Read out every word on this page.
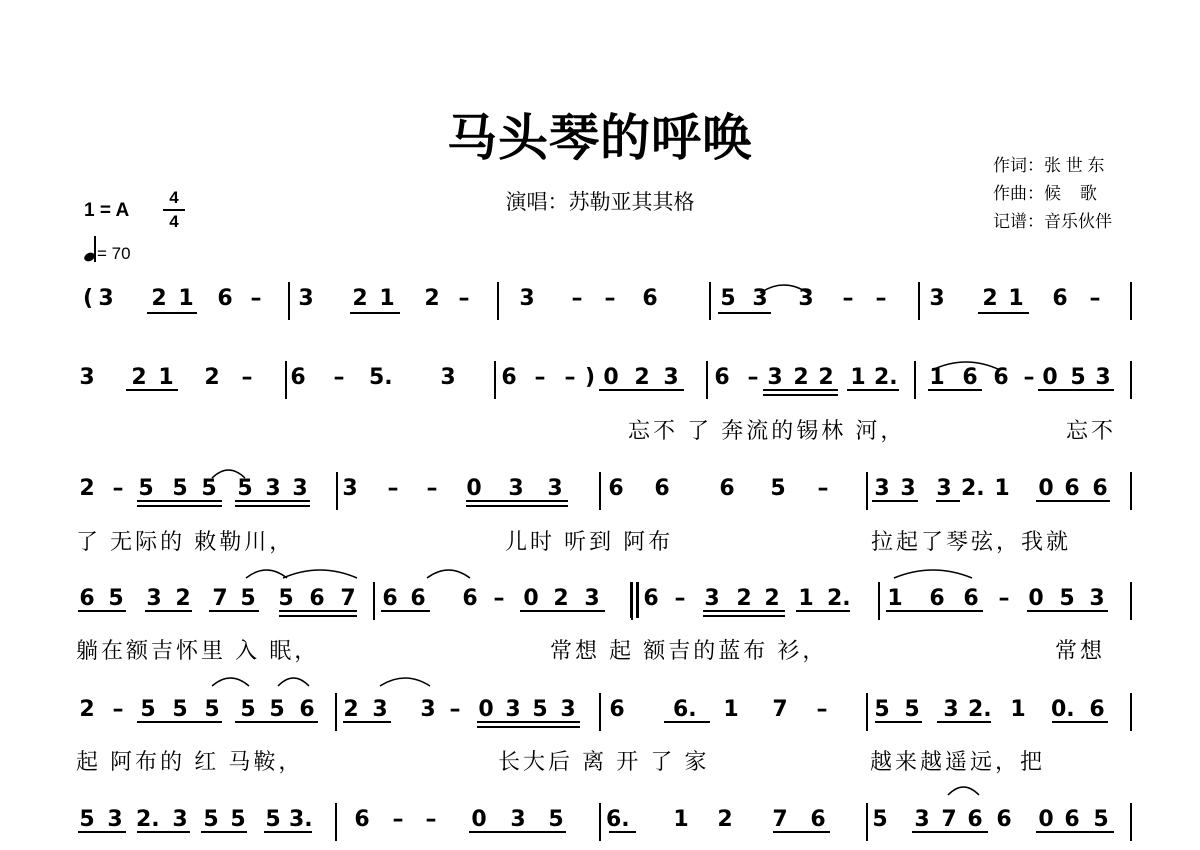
马头琴的呼唤
演唱：苏勒亚其其格
作词：张 世 东
作曲：候    歌
记谱：音乐伙伴
1 = A
4
4
= 70
( 3 2 1 6 – 3 2 1 2 – 3 – – 6	5 3 3 – – 3 2 1 6 –
3 2 1 2 – 6 – 5. 3 6 – – ) 0 2 3 6 – 3 2 2 1 2. 1 6 6 – 0 5 3
忘不 了 奔流的锡林 河，	忘不
2 – 5 5 5 5 3 3 3 – – 0 3 3 6 6 6 5 – 3 3 3 2. 1 0 6 6
了 无际的 敕勒川，	儿时 听到 阿布	拉起了琴弦，我就
6 5 3 2 7 5 5 6 7 6 6 6 – 0 2 3 6 – 3 2 2 1 2. 1 6 6 – 0 5 3
躺在额吉怀里 入 眠，	常想 起 额吉的蓝布 衫，	常想
2 – 5 5 5 5 5 6 2 3 3 – 0 3 5 3 6 6. 1 7 – 5 5 3 2. 1 0. 6
起 阿布的 红 马鞍，	长大后 离 开 了 家	越来越遥远，把
5 3 2. 3 5 5 5 3. 6 – – 0 3 5 6. 1 2 7 6 5 3 7 6 6 0 6 5
